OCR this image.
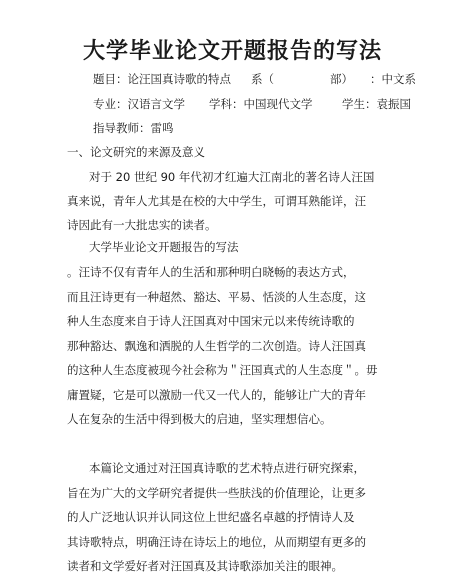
大学毕业论文开题报告的写法
题目：论汪国真诗歌的特点 系（	部） ：中文系
专业：汉语言文学 学科：中国现代文学	学生：袁振国
指导教师：雷鸣
一、论文研究的来源及意义
对于 20 世纪 90 年代初才红遍大江南北的著名诗人汪国
真来说，青年人尤其是在校的大中学生，可谓耳熟能详，汪
诗因此有一大批忠实的读者。
大学毕业论文开题报告的写法
。汪诗不仅有青年人的生活和那种明白晓畅的表达方式，
而且汪诗更有一种超然、豁达、平易、恬淡的人生态度，这
种人生态度来自于诗人汪国真对中国宋元以来传统诗歌的
那种豁达、飘逸和洒脱的人生哲学的二次创造。诗人汪国真
的这种人生态度被现今社会称为＂汪国真式的人生态度＂。毋
庸置疑，它是可以激励一代又一代人的，能够让广大的青年
人在复杂的生活中得到极大的启迪，坚实理想信心。
本篇论文通过对汪国真诗歌的艺术特点进行研究探索，
旨在为广大的文学研究者提供一些肤浅的价值理论，让更多
的人广泛地认识并认同这位上世纪盛名卓越的抒情诗人及
其诗歌特点，明确汪诗在诗坛上的地位，从而期望有更多的
读者和文学爱好者对汪国真及其诗歌添加关注的眼神。
